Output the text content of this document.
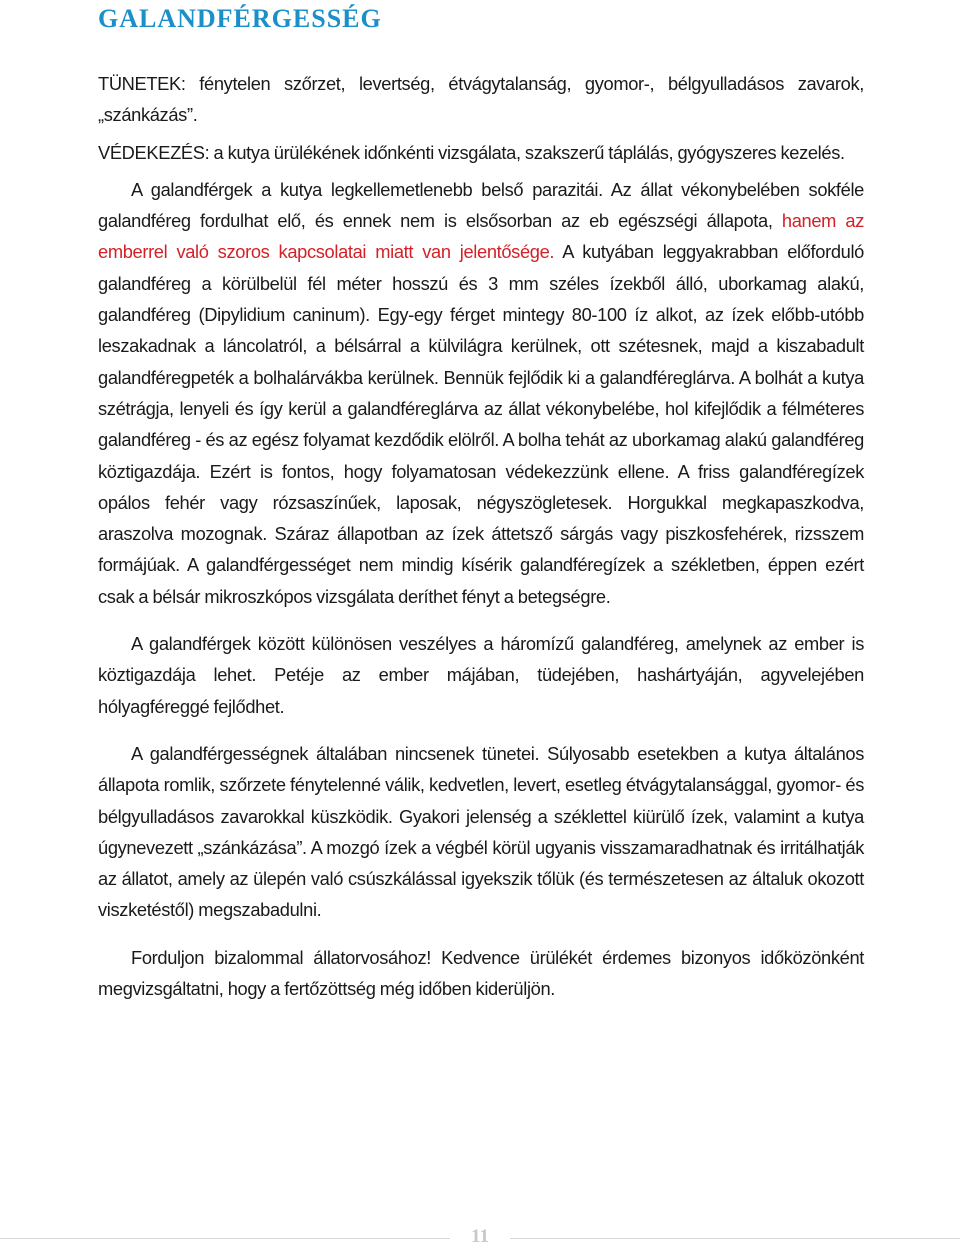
GALANDFÉRGESSÉG

TÜNETEK: fénytelen szőrzet, levertség, étvágytalanság, gyomor-, bélgyulladásos zavarok, „szánkázás”.

VÉDEKEZÉS: a kutya ürülékének időnkénti vizsgálata, szakszerű táplálás, gyógyszeres kezelés.

A galandférgek a kutya legkellemetlenebb belső parazitái. Az állat vékonybelében sokféle galandféreg fordulhat elő, és ennek nem is elsősorban az eb egészségi állapota, hanem az emberrel való szoros kapcsolatai miatt van jelentősége. A kutyában leggyakrabban előforduló galandféreg a körülbelül fél méter hosszú és 3 mm széles ízekből álló, uborkamag alakú, galandféreg (Dipylidium caninum). Egy-egy férget mintegy 80-100 íz alkot, az ízek előbb-utóbb leszakadnak a láncolatról, a bélsárral a külvilágra kerülnek, ott szétesnek, majd a kiszabadult galandféregpeték a bolhalárvákba kerülnek. Bennük fejlődik ki a galandféreglárva. A bolhát a kutya szétrágja, lenyeli és így kerül a galandféreglárva az állat vékonybelébe, hol kifejlődik a félméteres galandféreg - és az egész folyamat kezdődik elölről. A bolha tehát az uborkamag alakú galandféreg köztigazdája. Ezért is fontos, hogy folyamatosan védekezzünk ellene. A friss galandféregízek opálos fehér vagy rózsaszínűek, laposak, négyszögletesek. Horgukkal megkapaszkodva, araszolva mozognak. Száraz állapotban az ízek áttetsző sárgás vagy piszkosfehérek, rizsszem formájúak. A galandférgességet nem mindig kísérik galandféregízek a székletben, éppen ezért csak a bélsár mikroszkópos vizsgálata deríthet fényt a betegségre.

A galandférgek között különösen veszélyes a háromízű galandféreg, amelynek az ember is köztigazdája lehet. Petéje az ember májában, tüdejében, hashártyáján, agyvelejében hólyagféreggé fejlődhet.

A galandférgességnek általában nincsenek tünetei. Súlyosabb esetekben a kutya általános állapota romlik, szőrzete fénytelenné válik, kedvetlen, levert, esetleg étvágytalansággal, gyomor- és bélgyulladásos zavarokkal küszködik. Gyakori jelenség a széklettel kiürülő ízek, valamint a kutya úgynevezett „szánkázása”. A mozgó ízek a végbél körül ugyanis visszamaradhatnak és irritálhatják az állatot, amely az ülepén való csúszkálással igyekszik tőlük (és természetesen az általuk okozott viszketéstől) megszabadulni.

Forduljon bizalommal állatorvosához! Kedvence ürülékét érdemes bizonyos időközönként megvizsgáltatni, hogy a fertőzöttség még időben kiderüljön.

11
